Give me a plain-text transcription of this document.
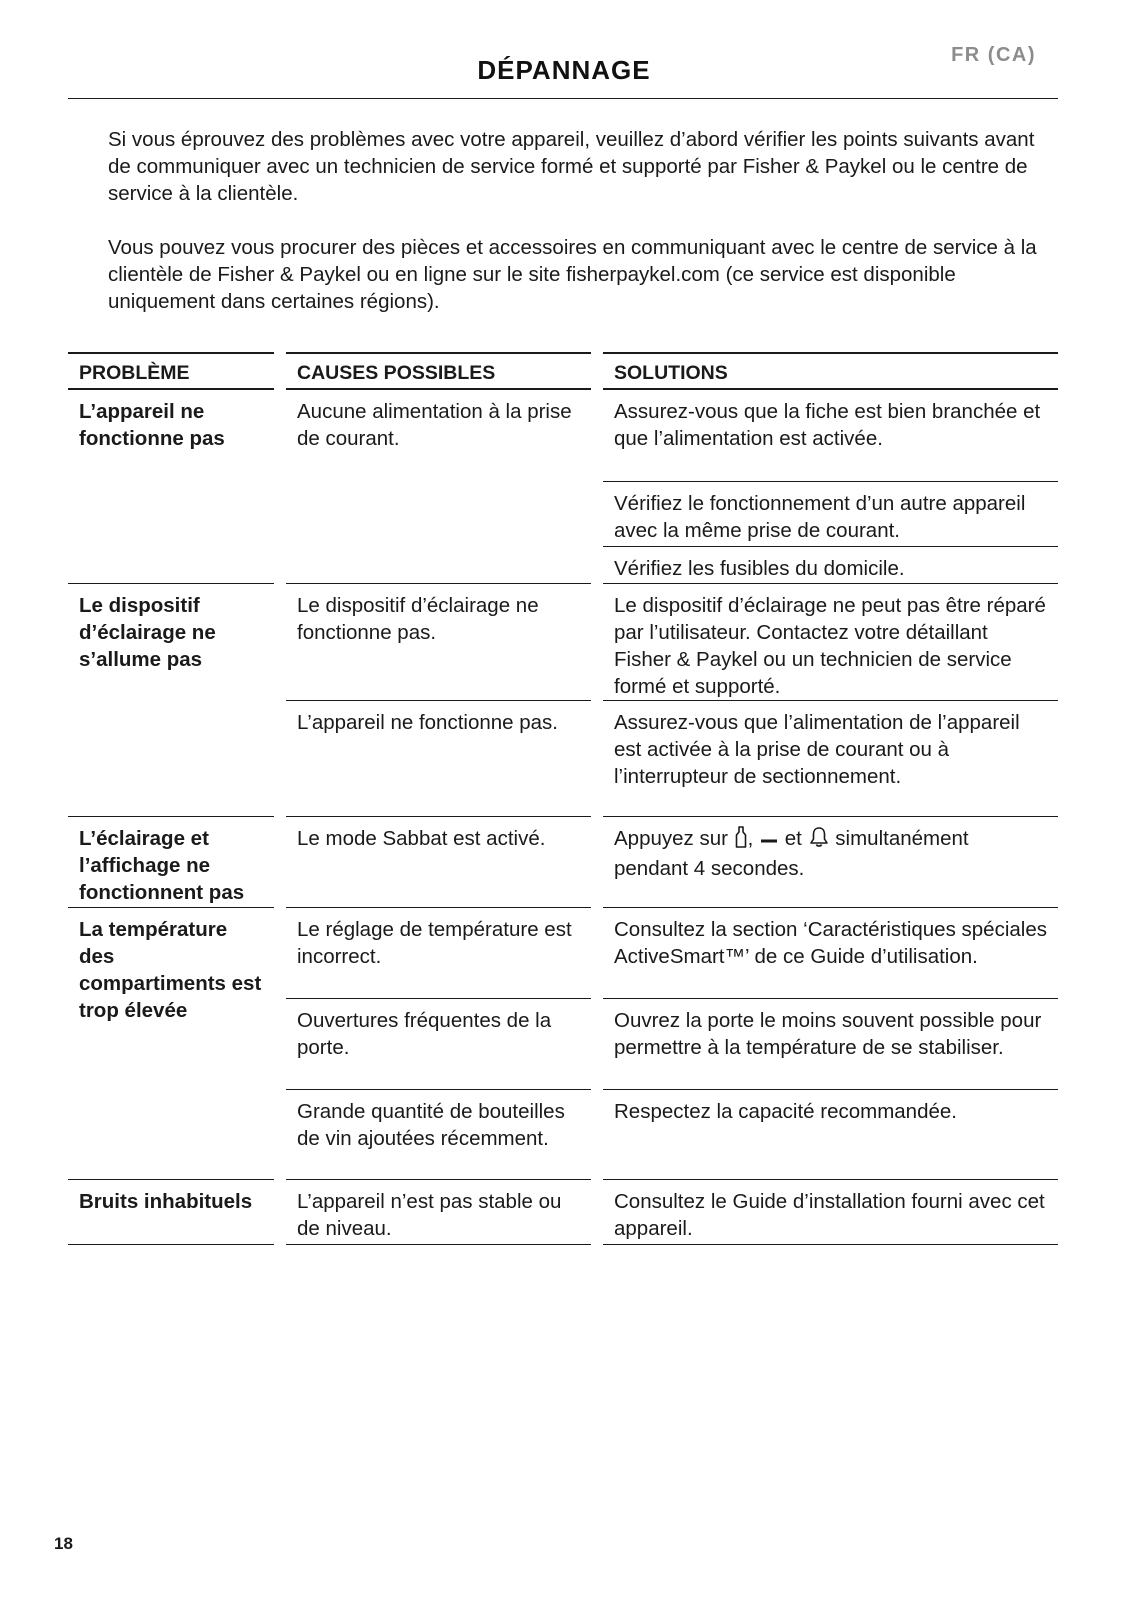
FR (CA)
DÉPANNAGE

Si vous éprouvez des problèmes avec votre appareil, veuillez d’abord vérifier les points suivants avant de communiquer avec un technicien de service formé et supporté par Fisher & Paykel ou le centre de service à la clientèle.

Vous pouvez vous procurer des pièces et accessoires en communiquant avec le centre de service à la clientèle de Fisher & Paykel ou en ligne sur le site fisherpaykel.com (ce service est disponible uniquement dans certaines régions).

PROBLÈME
L’appareil ne fonctionne pas
Le dispositif d’éclairage ne s’allume pas
L’éclairage et l’affichage ne fonctionnent pas
La température des compartiments est trop élevée
Bruits inhabituels
CAUSES POSSIBLES
Aucune alimentation à la prise de courant.
Le dispositif d’éclairage ne fonctionne pas.
L’appareil ne fonctionne pas.
Le mode Sabbat est activé.
Le réglage de température est incorrect.
Ouvertures fréquentes de la porte.
Grande quantité de bouteilles de vin ajoutées récemment.
L’appareil n’est pas stable ou de niveau.
SOLUTIONS
Assurez-vous que la fiche est bien branchée et que l’alimentation est activée.
Vérifiez le fonctionnement d’un autre appareil avec la même prise de courant.
Vérifiez les fusibles du domicile.
Le dispositif d’éclairage ne peut pas être réparé par l’utilisateur. Contactez votre détaillant Fisher & Paykel ou un technicien de service formé et supporté.
Assurez-vous que l’alimentation de l’appareil est activée à la prise de courant ou à l’interrupteur de sectionnement.
Appuyez sur , et simultanément pendant 4 secondes.
Consultez la section ‘Caractéristiques spéciales ActiveSmart™’ de ce Guide d’utilisation.
Ouvrez la porte le moins souvent possible pour permettre à la température de se stabiliser.
Respectez la capacité recommandée.
Consultez le Guide d’installation fourni avec cet appareil.
18
